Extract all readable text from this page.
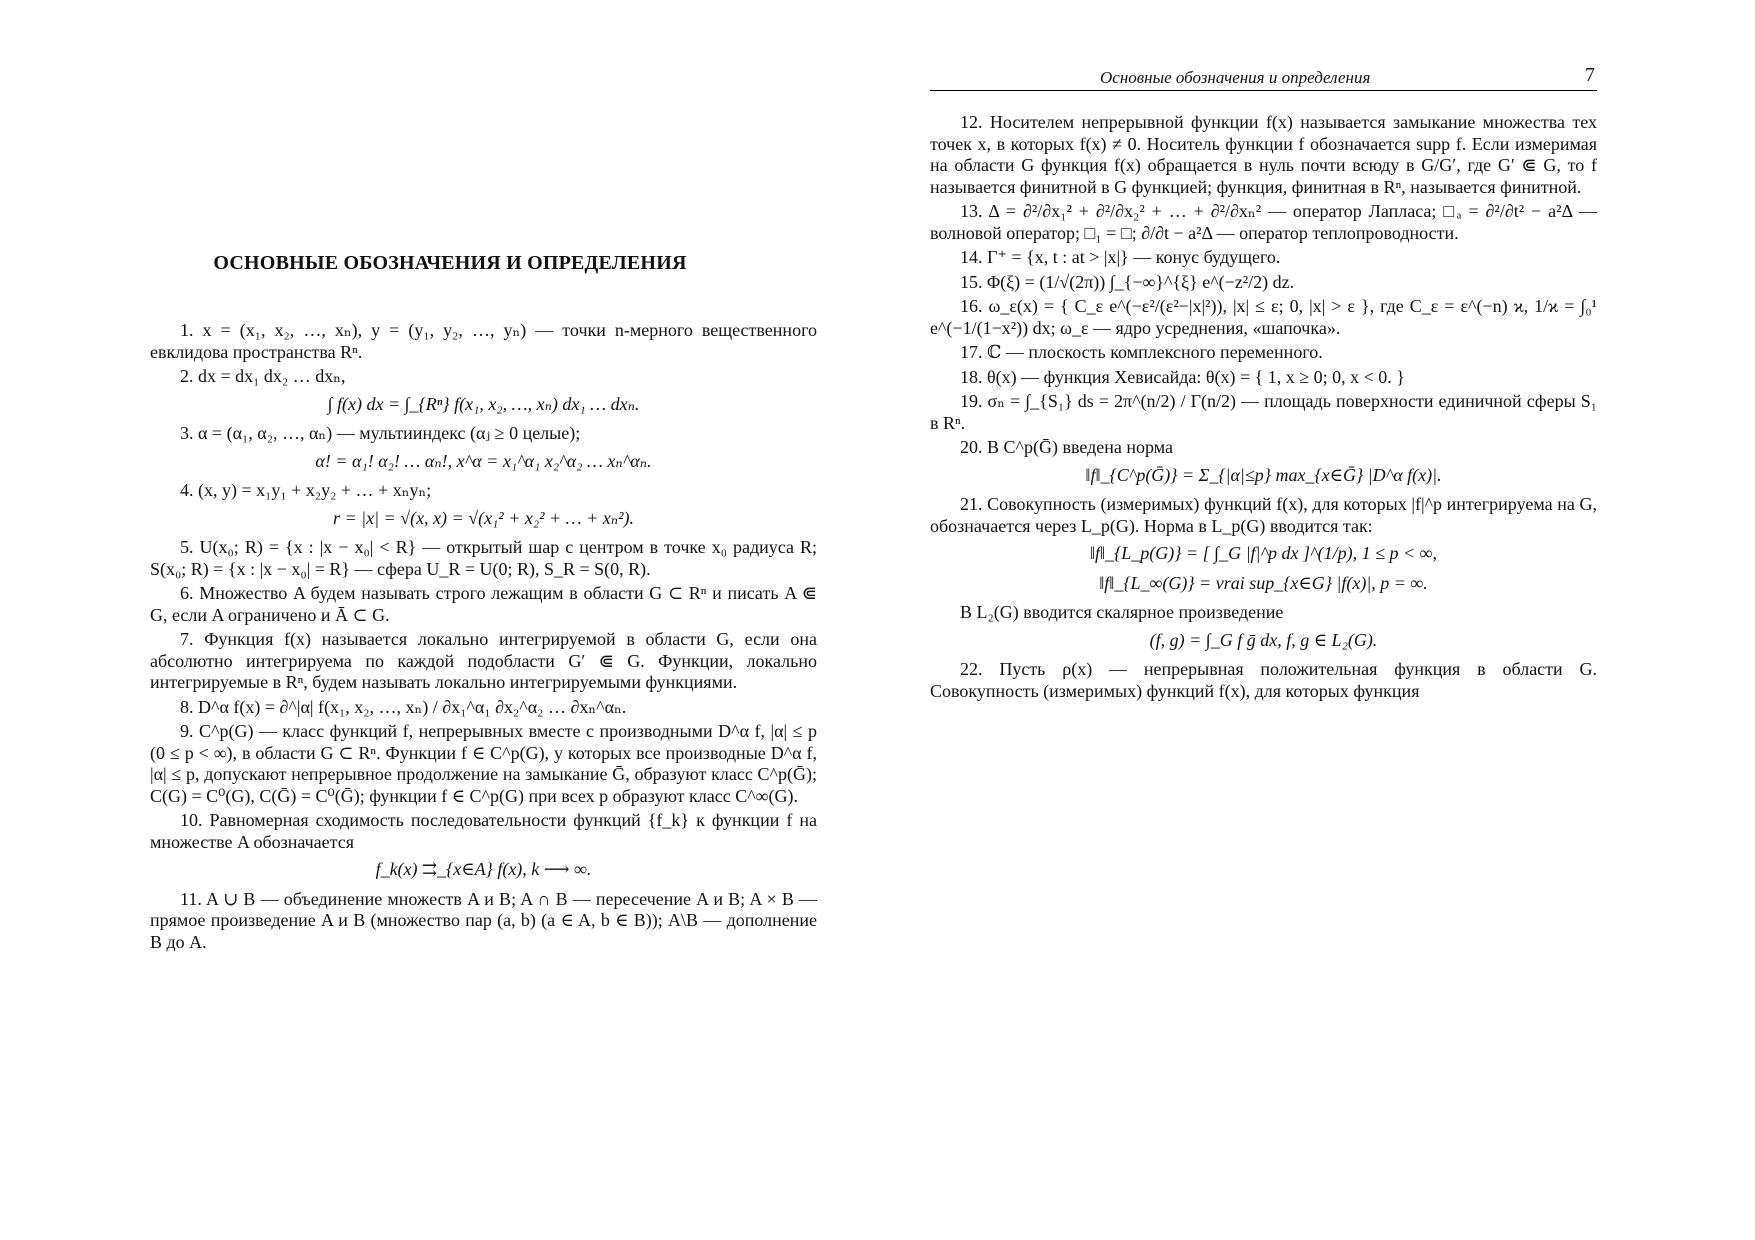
ОСНОВНЫЕ ОБОЗНАЧЕНИЯ И ОПРЕДЕЛЕНИЯ
1. x = (x₁, x₂, …, xₙ), y = (y₁, y₂, …, yₙ) — точки n-мерного вещественного евклидова пространства Rⁿ.
2. dx = dx₁ dx₂ … dxₙ,
∫ f(x) dx = ∫_{Rⁿ} f(x₁, x₂, …, xₙ) dx₁ … dxₙ.
3. α = (α₁, α₂, …, αₙ) — мультииндекс (αⱼ ≥ 0 целые);
α! = α₁! α₂! … αₙ!, x^α = x₁^α₁ x₂^α₂ … xₙ^αₙ.
4. (x, y) = x₁y₁ + x₂y₂ + … + xₙyₙ;
r = |x| = √(x, x) = √(x₁² + x₂² + … + xₙ²).
5. U(x₀; R) = {x : |x − x₀| < R} — открытый шар с центром в точке x₀ радиуса R; S(x₀; R) = {x : |x − x₀| = R} — сфера U_R = U(0; R), S_R = S(0, R).
6. Множество A будем называть строго лежащим в области G ⊂ Rⁿ и писать A ⋐ G, если A ограничено и Ā ⊂ G.
7. Функция f(x) называется локально интегрируемой в области G, если она абсолютно интегрируема по каждой подобласти G′ ⋐ G. Функции, локально интегрируемые в Rⁿ, будем называть локально интегрируемыми функциями.
8. D^α f(x) = ∂^|α| f(x₁, x₂, …, xₙ) / ∂x₁^α₁ ∂x₂^α₂ … ∂xₙ^αₙ.
9. C^p(G) — класс функций f, непрерывных вместе с производными D^α f, |α| ≤ p (0 ≤ p < ∞), в области G ⊂ Rⁿ. Функции f ∈ C^p(G), у которых все производные D^α f, |α| ≤ p, допускают непрерывное продолжение на замыкание Ḡ, образуют класс C^p(Ḡ); C(G) = C⁰(G), C(Ḡ) = C⁰(Ḡ); функции f ∈ C^p(G) при всех p образуют класс C^∞(G).
10. Равномерная сходимость последовательности функций {f_k} к функции f на множестве A обозначается
f_k(x) ⇉_{x∈A} f(x), k ⟶ ∞.
11. A ∪ B — объединение множеств A и B; A ∩ B — пересечение A и B; A × B — прямое произведение A и B (множество пар (a, b) (a ∈ A, b ∈ B)); A\B — дополнение B до A.
Основные обозначения и определения	7
12. Носителем непрерывной функции f(x) называется замыкание множества тех точек x, в которых f(x) ≠ 0. Носитель функции f обозначается supp f. Если измеримая на области G функция f(x) обращается в нуль почти всюду в G/G′, где G′ ⋐ G, то f называется финитной в G функцией; функция, финитная в Rⁿ, называется финитной.
13. Δ = ∂²/∂x₁² + ∂²/∂x₂² + … + ∂²/∂xₙ² — оператор Лапласа; □ₐ = ∂²/∂t² − a²Δ — волновой оператор; □₁ = □; ∂/∂t − a²Δ — оператор теплопроводности.
14. Γ⁺ = {x, t : at > |x|} — конус будущего.
15. Φ(ξ) = (1/√(2π)) ∫_{−∞}^{ξ} e^(−z²/2) dz.
16. ω_ε(x) = { C_ε e^(−ε²/(ε²−|x|²)), |x| ≤ ε; 0, |x| > ε }, где C_ε = ε^(−n) ϰ, 1/ϰ = ∫₀¹ e^(−1/(1−x²)) dx; ω_ε — ядро усреднения, «шапочка».
17. ℂ — плоскость комплексного переменного.
18. θ(x) — функция Хевисайда: θ(x) = { 1, x ≥ 0; 0, x < 0. }
19. σₙ = ∫_{S₁} ds = 2π^(n/2) / Γ(n/2) — площадь поверхности единичной сферы S₁ в Rⁿ.
20. В C^p(Ḡ) введена норма
‖f‖_{C^p(Ḡ)} = Σ_{|α|≤p} max_{x∈Ḡ} |D^α f(x)|.
21. Совокупность (измеримых) функций f(x), для которых |f|^p интегрируема на G, обозначается через L_p(G). Норма в L_p(G) вводится так:
‖f‖_{L_p(G)} = [ ∫_G |f|^p dx ]^(1/p), 1 ≤ p < ∞,
‖f‖_{L_∞(G)} = vrai sup_{x∈G} |f(x)|, p = ∞.
В L₂(G) вводится скалярное произведение
(f, g) = ∫_G f ḡ dx, f, g ∈ L₂(G).
22. Пусть ρ(x) — непрерывная положительная функция в области G. Совокупность (измеримых) функций f(x), для которых функция
